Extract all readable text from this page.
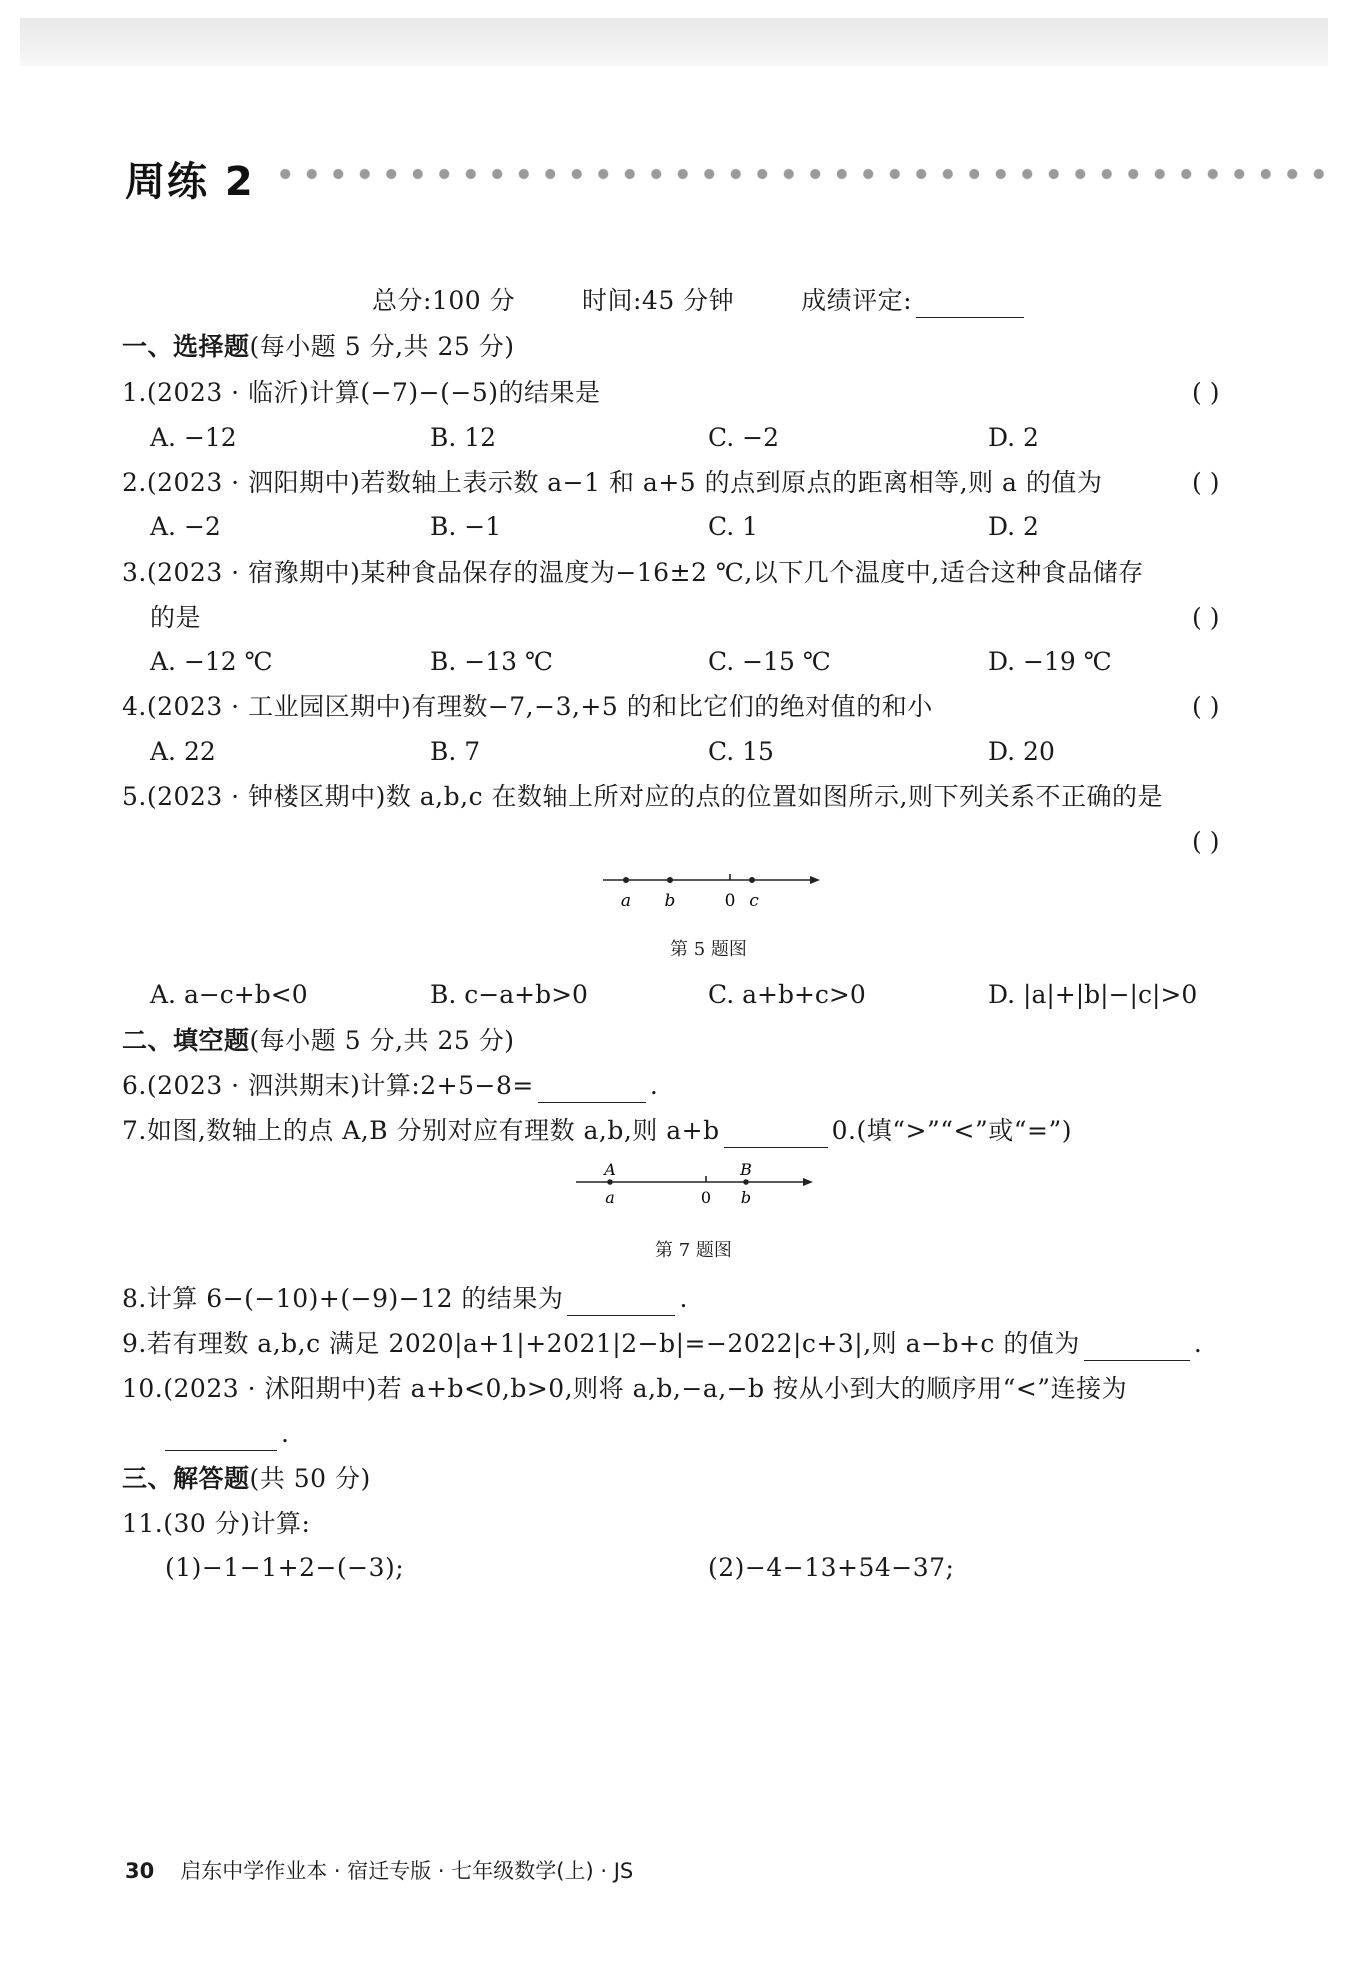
周练 2
总分:100 分	时间:45 分钟	成绩评定:
一、选择题(每小题 5 分,共 25 分)
1.(2023 · 临沂)计算(−7)−(−5)的结果是	( )
A. −12	B. 12	C. −2	D. 2
2.(2023 · 泗阳期中)若数轴上表示数 a−1 和 a+5 的点到原点的距离相等,则 a 的值为	( )
A. −2	B. −1	C. 1	D. 2
3.(2023 · 宿豫期中)某种食品保存的温度为−16±2 ℃,以下几个温度中,适合这种食品储存
的是	( )
A. −12 ℃	B. −13 ℃	C. −15 ℃	D. −19 ℃
4.(2023 · 工业园区期中)有理数−7,−3,+5 的和比它们的绝对值的和小	( )
A. 22	B. 7	C. 15	D. 20
5.(2023 · 钟楼区期中)数 a,b,c 在数轴上所对应的点的位置如图所示,则下列关系不正确的是
( )
a b	0 c
第 5 题图
A. a−c+b<0	B. c−a+b>0	C. a+b+c>0	D. |a|+|b|−|c|>0
二、填空题(每小题 5 分,共 25 分)
6.(2023 · 泗洪期末)计算:2+5−8=	.
7.如图,数轴上的点 A,B 分别对应有理数 a,b,则 a+b	0.(填“>”“<”或“=”)
A	B
a	0 b
第 7 题图
8.计算 6−(−10)+(−9)−12 的结果为	.
9.若有理数 a,b,c 满足 2020|a+1|+2021|2−b|=−2022|c+3|,则 a−b+c 的值为	.
10.(2023 · 沭阳期中)若 a+b<0,b>0,则将 a,b,−a,−b 按从小到大的顺序用“<”连接为
.
三、解答题(共 50 分)
11.(30 分)计算:
(1)−1−1+2−(−3);	(2)−4−13+54−37;
30 启东中学作业本 · 宿迁专版 · 七年级数学(上) · JS
